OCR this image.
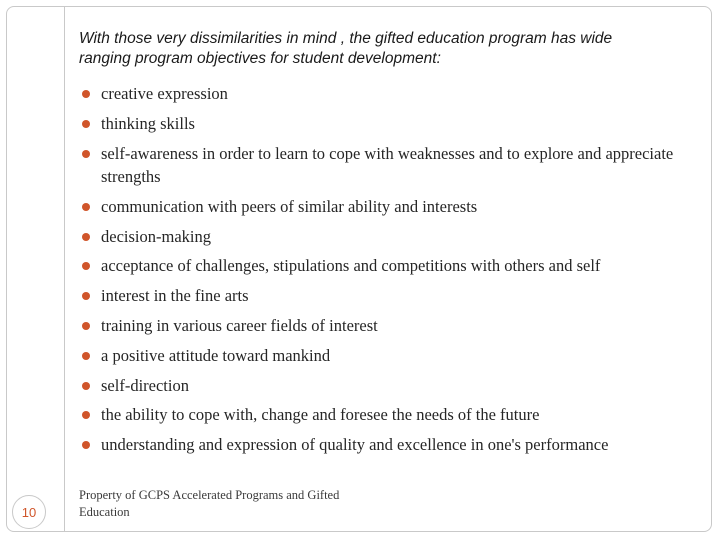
With those very dissimilarities in mind , the gifted education program has wide
ranging program objectives for student development:
creative expression
thinking skills
self-awareness in order to learn to cope with weaknesses and to explore and appreciate strengths
communication with peers of similar ability and interests
decision-making
acceptance of challenges, stipulations and competitions with others and self
interest in the fine arts
training in various career fields of interest
a positive attitude toward mankind
self-direction
the ability to cope with, change and foresee the needs of the future
understanding and expression of quality and excellence in one's performance
10
Property of GCPS Accelerated Programs and Gifted
Education
